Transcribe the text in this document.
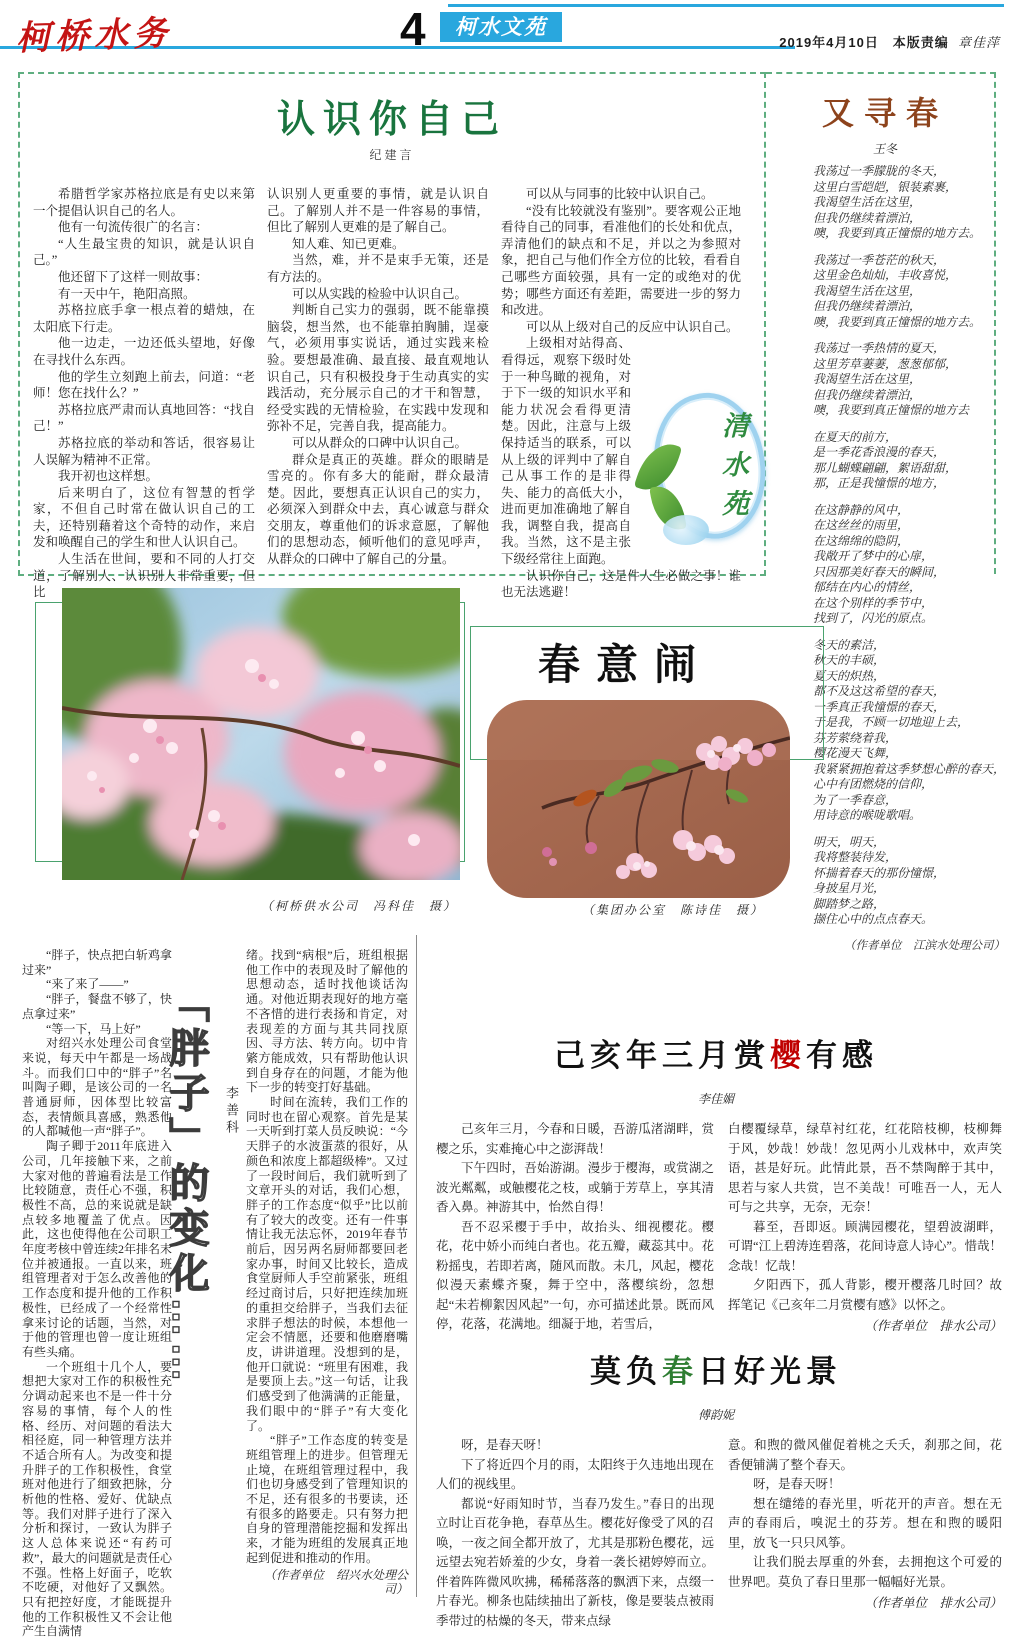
柯桥水务	4	柯水文苑
2019年4月10日 本版责编 章佳萍
认识你自己
纪建言

希腊哲学家苏格拉底是有史以来第一个提倡认识自己的名人。

他有一句流传很广的名言：

“人生最宝贵的知识，就是认识自己。”

他还留下了这样一则故事：

有一天中午，艳阳高照。

苏格拉底手拿一根点着的蜡烛，在太阳底下行走。

他一边走，一边还低头望地，好像在寻找什么东西。

他的学生立刻跑上前去，问道：“老师！您在找什么？”

苏格拉底严肃而认真地回答：“找自己！”

苏格拉底的举动和答话，很容易让人误解为精神不正常。

我开初也这样想。

后来明白了，这位有智慧的哲学家，不但自己时常在做认识自己的工夫，还特别藉着这个奇特的动作，来启发和唤醒自己的学生和世人认识自己。

人生活在世间，要和不同的人打交道，了解别人、认识别人非常重要，但比

认识别人更重要的事情，就是认识自己。了解别人并不是一件容易的事情，但比了解别人更难的是了解自己。

知人难、知已更难。

当然，难，并不是束手无策，还是有方法的。

可以从实践的检验中认识自己。

判断自己实力的强弱，既不能靠摸脑袋，想当然，也不能靠拍胸脯，逞豪气，必须用事实说话，通过实践来检验。要想最准确、最直接、最直观地认识自己，只有积极投身于生动真实的实践活动，充分展示自己的才干和智慧，经受实践的无情检验，在实践中发现和弥补不足，完善自我，提高能力。

可以从群众的口碑中认识自己。

群众是真正的英雄。群众的眼睛是雪亮的。你有多大的能耐，群众最清楚。因此，要想真正认识自己的实力，必须深入到群众中去，真心诚意与群众交朋友，尊重他们的诉求意愿，了解他们的思想动态，倾听他们的意见呼声，从群众的口碑中了解自己的分量。

可以从与同事的比较中认识自己。

“没有比较就没有鉴别”。要客观公正地看待自己的同事，看准他们的长处和优点，弄清他们的缺点和不足，并以之为参照对象，把自己与他们作全方位的比较，看看自己哪些方面较强，具有一定的或绝对的优势；哪些方面还有差距，需要进一步的努力和改进。

可以从上级对自己的反应中认识自己。

清水苑

上级相对站得高、看得远，观察下级时处于一种鸟瞰的视角，对于下一级的知识水平和能力状况会看得更清楚。因此，注意与上级保持适当的联系，可以从上级的评判中了解自己从事工作的是非得失、能力的高低大小，进而更加准确地了解自我，调整自我，提高自我。当然，这不是主张下级经常往上面跑。

认识你自己，这是件人生必做之事！谁也无法逃避！

又寻春
王冬
我荡过一季朦胧的冬天，
这里白雪皑皑，银装素裹，
我渴望生活在这里，
但我仍继续着漂泊，
噢，我要到真正憧憬的地方去。
我荡过一季苍茫的秋天，
这里金色灿灿，丰收喜悦，
我渴望生活在这里，
但我仍继续着漂泊，
噢，我要到真正憧憬的地方去。
我荡过一季热情的夏天，
这里芳草萋萋，葱葱郁郁，
我渴望生活在这里，
但我仍继续着漂泊，
噢，我要到真正憧憬的地方去
在夏天的前方，
是一季花香浪漫的春天，
那儿蝴蝶翩翩，絮语甜甜，
那，正是我憧憬的地方，
在这静静的风中，
在这丝丝的雨里，
在这绵绵的隐阴，
我敞开了梦中的心扉，
只因那美好春天的瞬间，
郁结在内心的情丝，
在这个别样的季节中，
找到了，闪光的原点。
冬天的素洁，
秋天的丰硕，
夏天的炽热，
都不及这这希望的春天，
一季真正我憧憬的春天，
于是我，不顾一切地迎上去，
芬芳萦绕着我，
樱花漫天飞舞，
我紧紧拥抱着这季梦想心醉的春天，
心中有团燃烧的信仰，
为了一季春意，
用诗意的喉咙歌唱。
明天，明天，
我将整装待发，
怀揣着春天的那份憧憬，
身披星月光，
脚踏梦之路，
撷住心中的点点春天。
（作者单位　江滨水处理公司）
春意闹
（柯桥供水公司　冯科佳　摄）	（集团办公室　陈诗佳　摄）

“胖子，快点把白斩鸡拿过来”

“来了来了——”

“胖子，餐盘不够了，快点拿过来”

“等一下，马上好”

对绍兴水处理公司食堂来说，每天中午都是一场战斗。而我们口中的“胖子”名叫陶子卿，是该公司的一名普通厨师，因体型比较富态，表情颇具喜感，熟悉他的人都喊他一声“胖子”。

陶子卿于2011年底进入公司，几年接触下来，之前大家对他的普遍看法是工作比较随意，责任心不强，积极性不高，总的来说就是缺点较多地覆盖了优点。因此，这也使得他在公司职工年度考核中曾连续2年排名末位并被通报。一直以来，班组管理者对于怎么改善他的工作态度和提升他的工作积极性，已经成了一个经常性拿来讨论的话题，当然，对于他的管理也曾一度让班组有些头痛。

一个班组十几个人，要想把大家对工作的积极性充分调动起来也不是一件十分容易的事情，每个人的性格、经历、对问题的看法大相径庭，同一种管理方法并不适合所有人。为改变和提升胖子的工作积极性，食堂班对他进行了细致把脉，分析他的性格、爱好、优缺点等。我们对胖子进行了深入分析和探讨，一致认为胖子这人总体来说还“有药可救”，最大的问题就是责任心不强。性格上好面子，吃软不吃硬，对他好了又飘然。只有把控好度，才能既提升他的工作积极性又不会让他产生自满情

「胖子」的变化……	李善科

绪。找到“病根”后，班组根据他工作中的表现及时了解他的思想动态，适时找他谈话沟通。对他近期表现好的地方毫不吝惜的进行表扬和肯定，对表现差的方面与其共同找原因、寻方法、转方向。切中肯綮方能成效，只有帮助他认识到自身存在的问题，才能为他下一步的转变打好基础。

时间在流转，我们工作的同时也在留心观察。首先是某一天听到打菜人员反映说：“今天胖子的水波蛋蒸的很好，从颜色和浓度上都超级棒”。又过了一段时间后，我们就听到了文章开头的对话，我们心想，胖子的工作态度“似乎”比以前有了较大的改变。还有一件事情让我无法忘怀，2019年春节前后，因另两名厨师都要回老家办事，时间又比较长，造成食堂厨师人手空前紧张，班组经过商讨后，只好把连续加班的重担交给胖子，当我们去征求胖子想法的时候，本想他一定会不情愿，还要和他磨磨嘴皮，讲讲道理。没想到的是，他开口就说：“班里有困难，我是要顶上去。”这一句话，让我们感受到了他满满的正能量，我们眼中的“胖子”有大变化了。

“胖子”工作态度的转变是班组管理上的进步。但管理无止境，在班组管理过程中，我们也切身感受到了管理知识的不足，还有很多的书要读，还有很多的路要走。只有努力把自身的管理潜能挖掘和发挥出来，才能为班组的发展真正地起到促进和推动的作用。

（作者单位　绍兴水处理公司）
己亥年三月赏樱有感
李佳媚

己亥年三月，今春和日暖，吾游瓜渚湖畔，赏樱之乐，实难掩心中之澎湃哉！

下午四时，吾始游湖。漫步于樱海，或赏湖之波光粼粼，或触樱花之枝，或躺于芳草上，享其清香入鼻。神游其中，怡然自得！

吾不忍采樱于手中，故抬头、细视樱花。樱花，花中娇小而纯白者也。花五瓣，藏蕊其中。花粉摇曳，若即若离，随风而散。未几，风起，樱花似漫天素蝶齐聚，舞于空中，落樱缤纷，忽想起“未若柳絮因风起”一句，亦可描述此景。既而风停，花落，花满地。细凝于地，若雪后，

白樱覆绿草，绿草衬红花，红花陪枝柳，枝柳舞于风，妙哉！妙哉！忽见两小儿戏林中，欢声笑语，甚是好玩。此情此景，吾不禁陶醉于其中，思若与家人共赏，岂不美哉！可唯吾一人，无人可与之共享，无奈，无奈！

暮至，吾即返。顾满园樱花，望碧波湖畔，可谓“江上碧涛连碧落，花间诗意人诗心”。惜哉！念哉！忆哉！

夕阳西下，孤人背影，樱开樱落几时回？故挥笔记《己亥年二月赏樱有感》以怀之。

（作者单位　排水公司）
莫负春日好光景
傅韵妮

呀，是春天呀！

下了将近四个月的雨，太阳终于久违地出现在人们的视线里。

都说“好雨知时节，当春乃发生。”春日的出现立时让百花争艳，春草丛生。樱花好像受了风的召唤，一夜之间全都开放了，尤其是那粉色樱花，远远望去宛若娇羞的少女，身着一袭长裙婷婷而立。伴着阵阵微风吹拂，稀稀落落的飘洒下来，点缀一片春光。柳条也陆续抽出了新枝，像是要装点被雨季带过的枯燥的冬天，带来点绿

意。和煦的微风催促着桃之夭夭，刹那之间，花香便铺满了整个春天。

呀，是春天呀！

想在缱绻的春光里，听花开的声音。想在无声的春雨后，嗅泥土的芬芳。想在和煦的暖阳里，放飞一只只风筝。

让我们脱去厚重的外套，去拥抱这个可爱的世界吧。莫负了春日里那一幅幅好光景。

（作者单位　排水公司）
